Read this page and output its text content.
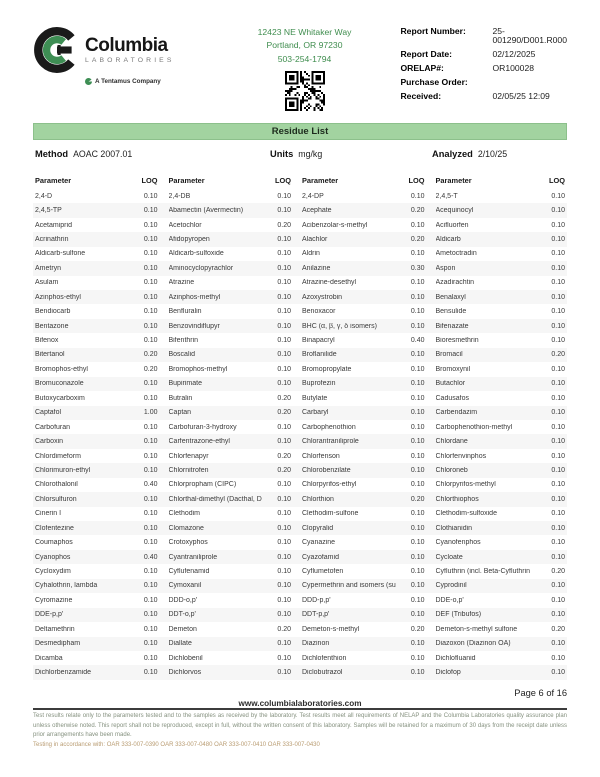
Columbia
LABORATORIES
A Tentamus Company
12423 NE Whitaker Way
Portland, OR 97230
503-254-1794
Report Number:	25-001290/D001.R000
Report Date:	02/12/2025
ORELAP#:	OR100028
Purchase Order:
Received:	02/05/25 12:09
Residue List
Method AOAC 2007.01	Units mg/kg	Analyzed 2/10/25
Parameter	LOQ Parameter	LOQ Parameter	LOQ Parameter	LOQ
2,4-D	0.10 2,4-DB	0.10 2,4-DP	0.10 2,4,5-T	0.10
2,4,5-TP	0.10 Abamectin (Avermectin)	0.10 Acephate	0.20 Acequinocyl	0.10
Acetamiprid	0.10 Acetochlor	0.20 Acibenzolar-s-methyl	0.10 Acifluorfen	0.10
Acrinathrin	0.10 Afidopyropen	0.10 Alachlor	0.20 Aldicarb	0.10
Aldicarb-sulfone	0.10 Aldicarb-sulfoxide	0.10 Aldrin	0.10 Ametoctradin	0.10
Ametryn	0.10 Aminocyclopyrachlor	0.10 Anilazine	0.30 Aspon	0.10
Asulam	0.10 Atrazine	0.10 Atrazine-desethyl	0.10 Azadirachtin	0.10
Azinphos-ethyl	0.10 Azinphos-methyl	0.10 Azoxystrobin	0.10 Benalaxyl	0.10
Bendiocarb	0.10 Benfluralin	0.10 Benoxacor	0.10 Bensulide	0.10
Bentazone	0.10 Benzovindiflupyr	0.10 BHC (α, β, γ, δ isomers)	0.10 Bifenazate	0.10
Bifenox	0.10 Bifenthrin	0.10 Binapacryl	0.40 Bioresmethrin	0.10
Bitertanol	0.20 Boscalid	0.10 Broflanilide	0.10 Bromacil	0.20
Bromophos-ethyl	0.20 Bromophos-methyl	0.10 Bromopropylate	0.10 Bromoxynil	0.10
Bromuconazole	0.10 Bupirimate	0.10 Buprofezin	0.10 Butachlor	0.10
Butoxycarboxim	0.10 Butralin	0.20 Butylate	0.10 Cadusafos	0.10
Captafol	1.00 Captan	0.20 Carbaryl	0.10 Carbendazim	0.10
Carbofuran	0.10 Carbofuran-3-hydroxy	0.10 Carbophenothion	0.10 Carbophenothion-methyl	0.10
Carboxin	0.10 Carfentrazone-ethyl	0.10 Chlorantraniliprole	0.10 Chlordane	0.10
Chlordimeform	0.10 Chlorfenapyr	0.20 Chlorfenson	0.10 Chlorfenvinphos	0.10
Chlorimuron-ethyl	0.10 Chlornitrofen	0.20 Chlorobenzilate	0.10 Chloroneb	0.10
Chlorothalonil	0.40 Chlorpropham (CIPC)	0.10 Chlorpyrifos-ethyl	0.10 Chlorpyrifos-methyl	0.10
Chlorsulfuron	0.10 Chlorthal-dimethyl (Dacthal, D	0.10 Chlorthion	0.20 Chlorthiophos	0.10
Cinerin I	0.10 Clethodim	0.10 Clethodim-sulfone	0.10 Clethodim-sulfoxide	0.10
Clofentezine	0.10 Clomazone	0.10 Clopyralid	0.10 Clothianidin	0.10
Coumaphos	0.10 Crotoxyphos	0.10 Cyanazine	0.10 Cyanofenphos	0.10
Cyanophos	0.40 Cyantraniliprole	0.10 Cyazofamid	0.10 Cycloate	0.10
Cycloxydim	0.10 Cyflufenamid	0.10 Cyflumetofen	0.10 Cyfluthrin (incl. Beta-Cyfluthrin	0.20
Cyhalothrin, lambda	0.10 Cymoxanil	0.10 Cypermethrin and isomers (su	0.10 Cyprodinil	0.10
Cyromazine	0.10 DDD-o,p'	0.10 DDD-p,p'	0.10 DDE-o,p'	0.10
DDE-p,p'	0.10 DDT-o,p'	0.10 DDT-p,p'	0.10 DEF (Tribufos)	0.10
Deltamethrin	0.10 Demeton	0.20 Demeton-s-methyl	0.20 Demeton-s-methyl sulfone	0.20
Desmedipham	0.10 Diallate	0.10 Diazinon	0.10 Diazoxon (Diazinon OA)	0.10
Dicamba	0.10 Dichlobenil	0.10 Dichlofenthion	0.10 Dichlofluanid	0.10
Dichlorbenzamide	0.10 Dichlorvos	0.10 Diclobutrazol	0.10 Diclofop	0.10
Page 6 of 16
www.columbialaboratories.com
Test results relate only to the parameters tested and to the samples as received by the laboratory. Test results meet all requirements of NELAP and the Columbia Laboratories quality assurance plan unless otherwise noted. This report shall not be reproduced, except in full, without the written consent of this laboratory. Samples will be retained for a maximum of 30 days from the receipt date unless prior arrangements have been made.
Testing in accordance with: OAR 333-007-0390 OAR 333-007-0480 OAR 333-007-0410 OAR 333-007-0430
